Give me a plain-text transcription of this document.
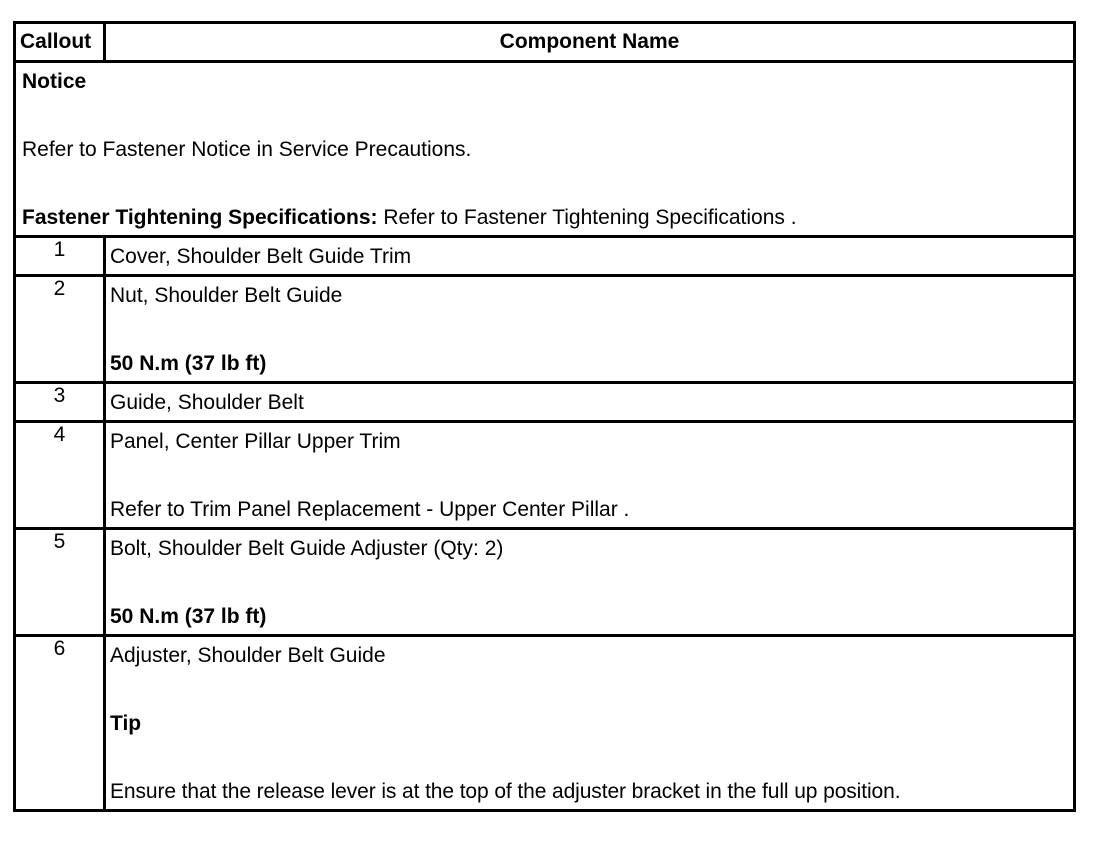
Callout	Component Name

Notice
Refer to Fastener Notice in Service Precautions.
Fastener Tightening Specifications: Refer to Fastener Tightening Specifications .	

1	Cover, Shoulder Belt Guide Trim

2	Nut, Shoulder Belt Guide
50 N.m (37 lb ft)

3	Guide, Shoulder Belt

4	Panel, Center Pillar Upper Trim
Refer to Trim Panel Replacement - Upper Center Pillar .

5	Bolt, Shoulder Belt Guide Adjuster (Qty: 2)
50 N.m (37 lb ft)

6	Adjuster, Shoulder Belt Guide
Tip
Ensure that the release lever is at the top of the adjuster bracket in the full up position.
